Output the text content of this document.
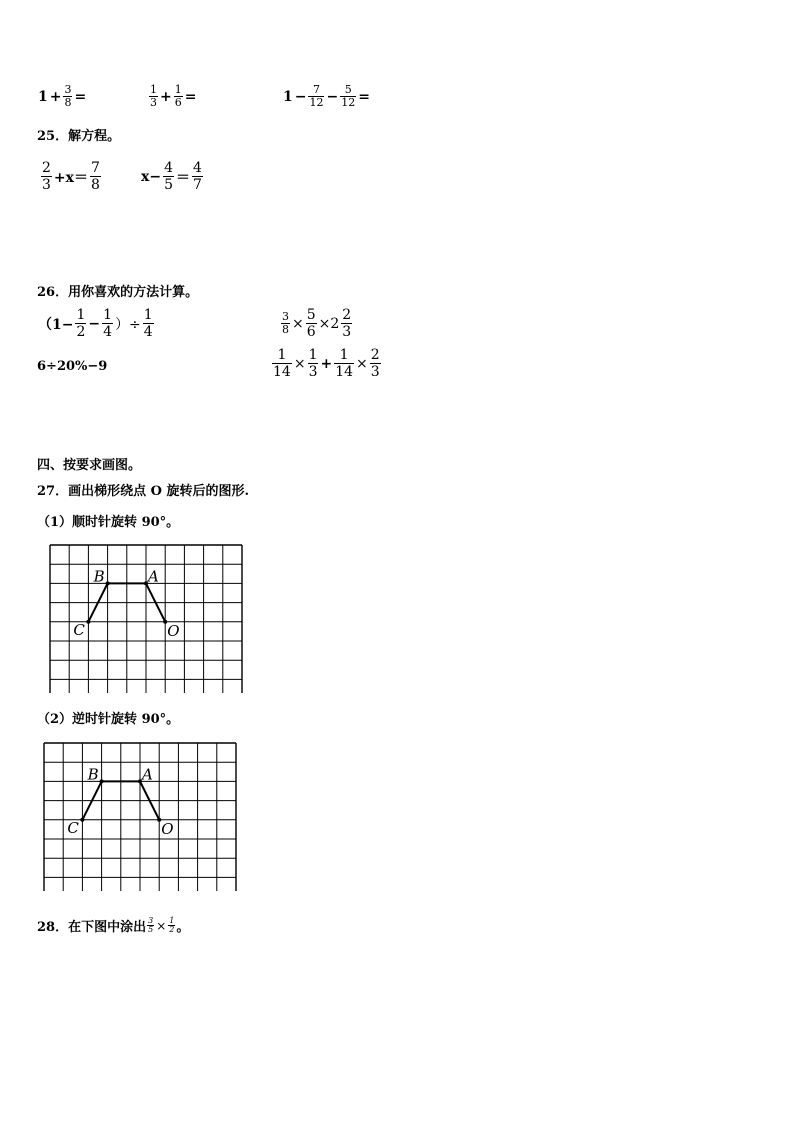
$1 + \frac{3}{8}$ =	$\frac{1}{3} + \frac{1}{6}$ =	$1 - \frac{7}{12} - \frac{5}{12}$ =
25．解方程。
$\frac{2}{3} +x= \frac{7}{8}$	$x- \frac{4}{5} = \frac{4}{7}$
26．用你喜欢的方法计算。
（$1- \frac{1}{2} - \frac{1}{4}$ ）÷ $\frac{1}{4}$	$\frac{3}{8} \times \frac{5}{6} \times 2 \frac{2}{3}$
6÷20%−9	$\frac{1}{14} \times \frac{1}{3} + \frac{1}{14} \times \frac{2}{3}$
四、按要求画图。
27．画出梯形绕点 O 旋转后的图形.
（1）顺时针旋转 90°。
B	A
C	O
（2）逆时针旋转 90°。
B	A
C	O
28．在下图中涂出 $\frac{3}{5} \times \frac{1}{2}$ 。
